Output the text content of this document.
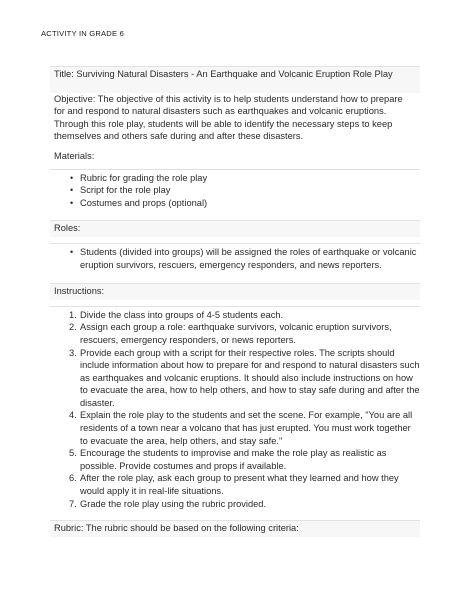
ACTIVITY IN GRADE 6
Title: Surviving Natural Disasters - An Earthquake and Volcanic Eruption Role Play
Objective: The objective of this activity is to help students understand how to prepare for and respond to natural disasters such as earthquakes and volcanic eruptions. Through this role play, students will be able to identify the necessary steps to keep themselves and others safe during and after these disasters.
Materials:
• Rubric for grading the role play
• Script for the role play
• Costumes and props (optional)
Roles:
• Students (divided into groups) will be assigned the roles of earthquake or volcanic eruption survivors, rescuers, emergency responders, and news reporters.
Instructions:
1. Divide the class into groups of 4-5 students each.
2. Assign each group a role: earthquake survivors, volcanic eruption survivors, rescuers, emergency responders, or news reporters.
3. Provide each group with a script for their respective roles. The scripts should include information about how to prepare for and respond to natural disasters such as earthquakes and volcanic eruptions. It should also include instructions on how to evacuate the area, how to help others, and how to stay safe during and after the disaster.
4. Explain the role play to the students and set the scene. For example, "You are all residents of a town near a volcano that has just erupted. You must work together to evacuate the area, help others, and stay safe."
5. Encourage the students to improvise and make the role play as realistic as possible. Provide costumes and props if available.
6. After the role play, ask each group to present what they learned and how they would apply it in real-life situations.
7. Grade the role play using the rubric provided.
Rubric: The rubric should be based on the following criteria:
